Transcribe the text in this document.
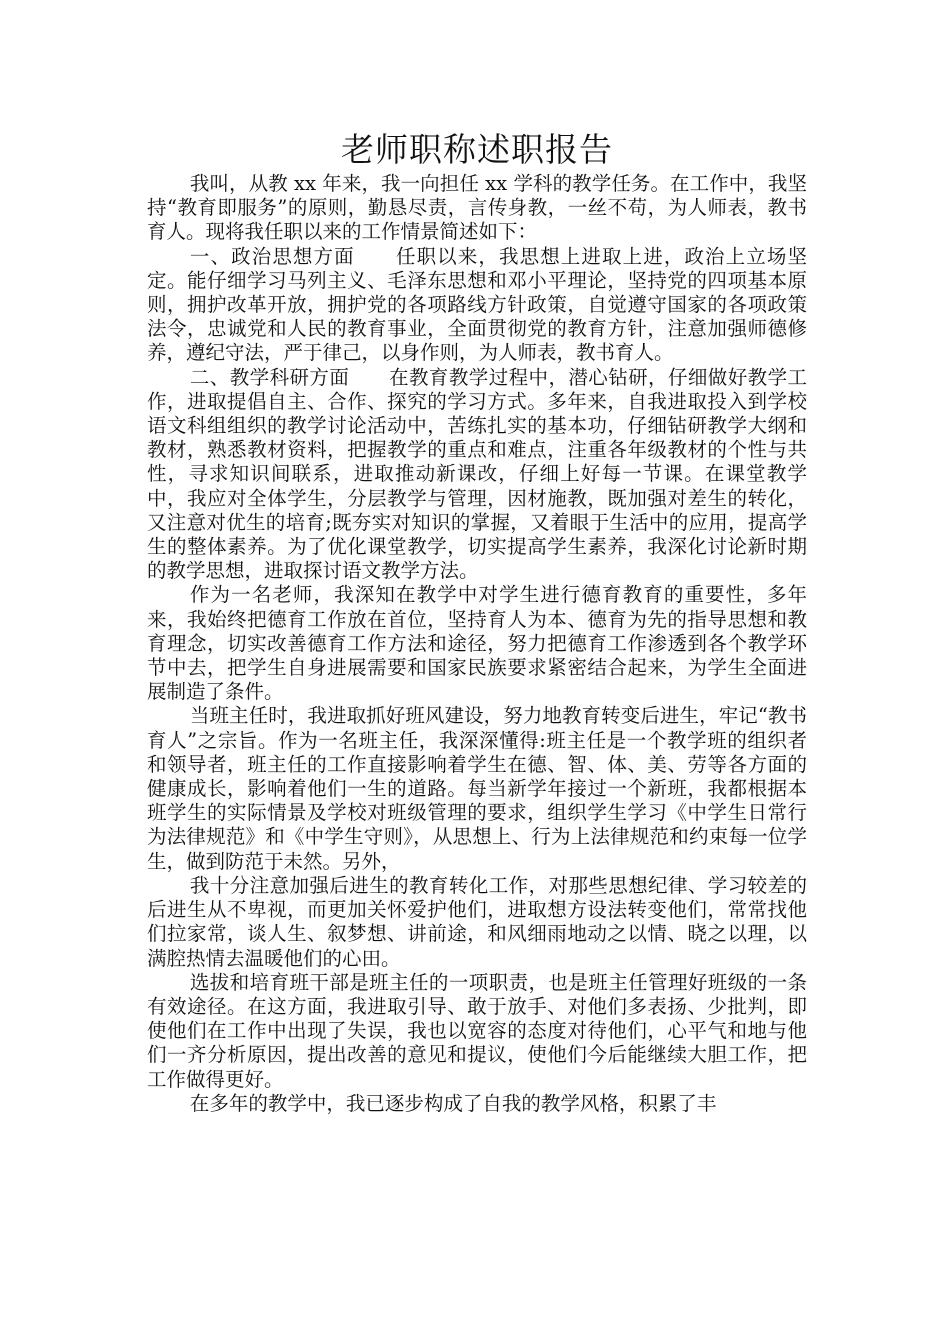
老师职称述职报告

我叫，从教 xx 年来，我一向担任 xx 学科的教学任务。在工作中，我坚持“教育即服务”的原则，勤恳尽责，言传身教，一丝不苟，为人师表，教书育人。现将我任职以来的工作情景简述如下：

一、政治思想方面　　任职以来，我思想上进取上进，政治上立场坚定。能仔细学习马列主义、毛泽东思想和邓小平理论，坚持党的四项基本原则，拥护改革开放，拥护党的各项路线方针政策，自觉遵守国家的各项政策法令，忠诚党和人民的教育事业，全面贯彻党的教育方针，注意加强师德修养，遵纪守法，严于律己，以身作则，为人师表，教书育人。

二、教学科研方面　　在教育教学过程中，潜心钻研，仔细做好教学工作，进取提倡自主、合作、探究的学习方式。多年来，自我进取投入到学校语文科组组织的教学讨论活动中，苦练扎实的基本功，仔细钻研教学大纲和教材，熟悉教材资料，把握教学的重点和难点，注重各年级教材的个性与共性，寻求知识间联系，进取推动新课改，仔细上好每一节课。在课堂教学中，我应对全体学生，分层教学与管理，因材施教，既加强对差生的转化，又注意对优生的培育;既夯实对知识的掌握，又着眼于生活中的应用，提高学生的整体素养。为了优化课堂教学，切实提高学生素养，我深化讨论新时期的教学思想，进取探讨语文教学方法。

作为一名老师，我深知在教学中对学生进行德育教育的重要性，多年来，我始终把德育工作放在首位，坚持育人为本、德育为先的指导思想和教育理念，切实改善德育工作方法和途径，努力把德育工作渗透到各个教学环节中去，把学生自身进展需要和国家民族要求紧密结合起来，为学生全面进展制造了条件。

当班主任时，我进取抓好班风建设，努力地教育转变后进生，牢记“教书育人”之宗旨。作为一名班主任，我深深懂得:班主任是一个教学班的组织者和领导者，班主任的工作直接影响着学生在德、智、体、美、劳等各方面的健康成长，影响着他们一生的道路。每当新学年接过一个新班，我都根据本班学生的实际情景及学校对班级管理的要求，组织学生学习《中学生日常行为法律规范》和《中学生守则》，从思想上、行为上法律规范和约束每一位学生，做到防范于未然。另外，

我十分注意加强后进生的教育转化工作，对那些思想纪律、学习较差的后进生从不卑视，而更加关怀爱护他们，进取想方设法转变他们，常常找他们拉家常，谈人生、叙梦想、讲前途，和风细雨地动之以情、晓之以理，以满腔热情去温暖他们的心田。

选拔和培育班干部是班主任的一项职责，也是班主任管理好班级的一条有效途径。在这方面，我进取引导、敢于放手、对他们多表扬、少批判，即使他们在工作中出现了失误，我也以宽容的态度对待他们，心平气和地与他们一齐分析原因，提出改善的意见和提议，使他们今后能继续大胆工作，把工作做得更好。

在多年的教学中，我已逐步构成了自我的教学风格，积累了丰
